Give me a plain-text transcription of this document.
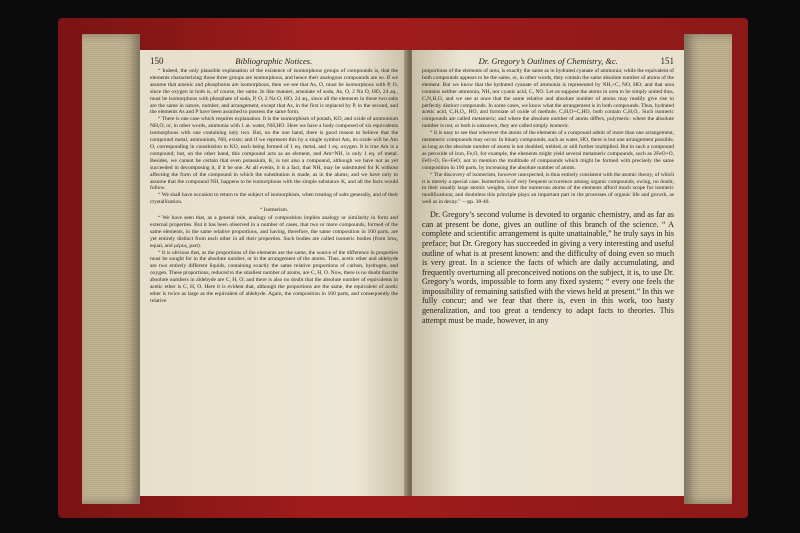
150	Bibliographic Notices.

“ Indeed, the only plausible explanation of the existence of isomorphous groups of compounds is, that the elements characterizing those three groups are isomorphous, and hence their analogous compounds are so. If we assume that arsenic and phosphorus are isomorphous, then we see that As, O, must be isomorphous with P, O, since the oxygen in both is, of course, the same. In like manner, arseniate of soda, As, O, 2 Na O, HO, 24 aq., must be isomorphous with phosphate of soda, P, O, 2 Na O, HO, 24 aq., since all the elements in these two salts are the same in nature, number, and arrangement, except that As, in the first is replaced by P, in the second, and the elements As and P have been assumed to possess the same form.

“ There is one case which requires explanation. It is the isomorphism of potash, KO, and oxide of ammonium NH,O; or, in other words, ammonia with 1 at. water, NH,HO. Here we have a body composed of six equivalents isomorphous with one containing only two. But, on the one hand, there is good reason to believe that the compound metal, ammonium, NH, exists; and if we represent this by a single symbol Am, its oxide will be Am O, corresponding in constitution to KO, each being formed of 1 eq. metal, and 1 eq. oxygen. It is true Am is a compound; but, on the other hand, this compound acts as an element, and Am=NH, is only 1 eq. of metal. Besides, we cannot be certain that even potassium, K, is not also a compound, although we have not as yet succeeded in decomposing it, if it be one. At all events, it is a fact, that NH, may be substituted for K without affecting the form of the compound in which the substitution is made, as in the alums; and we have only to assume that the compound NH, happens to be isomorphous with the simple substance K, and all the facts would follow.

“ We shall have occasion to return to the subject of isomorphism, when treating of salts generally, and of their crystallization.

“ Isomerism.

“ We have seen that, as a general rule, analogy of composition implies analogy or similarity in form and external properties. But it has been observed in a number of cases, that two or more compounds, formed of the same elements, in the same relative proportions, and having, therefore, the same composition in 100 parts, are yet entirely distinct from each other in all their properties. Such bodies are called isomeric bodies (from ἴσος, equal, and μέρος, part).

“ It is obvious that, as the proportions of the elements are the same, the source of the difference in properties must be sought for in the absolute number, or in the arrangement of the atoms. Thus, acetic ether and aldehyde are two entirely different liquids, containing exactly the same relative proportions of carbon, hydrogen, and oxygen. These proportions, reduced to the smallest number of atoms, are C, H, O. Now, there is no doubt that the absolute numbers in aldehyde are C, H, O; and there is also no doubt that the absolute number of equivalents in acetic ether is C, H, O. Here it is evident that, although the proportions are the same, the equivalent of acetic ether is twice as large as the equivalent of aldehyde. Again, the composition in 100 parts, and consequently the relative

Dr. Gregory’s Outlines of Chemistry, &c.	151

proportions of the elements of urea, is exactly the same as in hydrated cyanate of ammonia; while the equivalent of both compounds appears to be the same, or, in other words, they contain the same absolute number of atoms of the element. But we know that the hydrated cyanate of ammonia is represented by NH,+C, NO, HO; and that urea contains neither ammonia, NH, nor cyanic acid, C, NO. Let us suppose the atoms in urea to be simply united thus, C,N,H,O, and we see at once that the same relative and absolute number of atoms may readily give rise to perfectly distinct compounds. In some cases, we know what the arrangement is in both compounds. Thus, hydrated acetic acid, C,H,O,, HO, and formiate of oxide of methule, C,H,O+C,HO, both contain C,H,O,. Such isomeric compounds are called metameric; and where the absolute number of atoms differs, polymeric: where the absolute number is not, or both is unknown, they are called simply isomeric.

“ It is easy to see that wherever the atoms of the elements of a compound admit of more than one arrangement, metameric compounds may occur. In binary compounds, such as water, HO, there is but one arrangement possible, as long as the absolute number of atoms is not doubled, trebled, or still further multiplied. But in such a compound as peroxide of iron, Fe,O, for example, the elements might yield several metameric compounds, such as 2FeO+O, FeO+O, Fe+FeO, not to mention the multitude of compounds which might be formed with precisely the same composition in 100 parts, by increasing the absolute number of atoms.

“ The discovery of isomerism, however unexpected, is thus entirely consistent with the atomic theory, of which it is merely a special case. Isomerism is of very frequent occurrence among organic compounds, owing, no doubt, to their usually large atomic weights, since the numerous atoms of the elements afford much scope for isomeric modifications; and doubtless this principle plays an important part in the processes of organic life and growth, as well as in decay.” —pp. 38-40.

Dr. Gregory’s second volume is devoted to organic chemistry, and as far as can at present be done, gives an outline of this branch of the science. “ A complete and scientific arrangement is quite unattainable,” he truly says in his preface; but Dr. Gregory has succeeded in giving a very interesting and useful outline of what is at present known: and the difficulty of doing even so much is very great. In a science the facts of which are daily accumulating, and frequently overturning all preconceived notions on the subject, it is, to use Dr. Gregory’s words, impossible to form any fixed system; “ every one feels the impossibility of remaining satisfied with the views held at present.” In this we fully concur; and we fear that there is, even in this work, too hasty generalization, and too great a tendency to adapt facts to theories. This attempt must be made, however, in any
